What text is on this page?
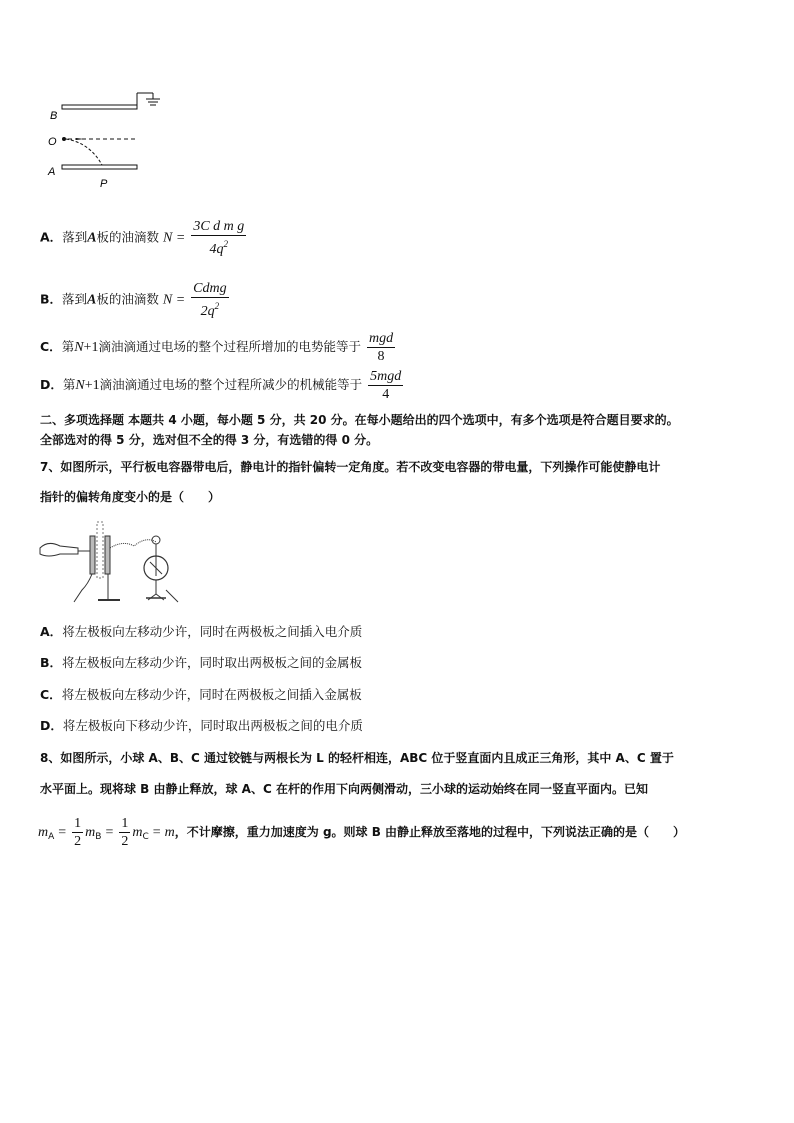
B
O
A
P
A．落到A板的油滴数 $N = \frac{\text{3C d m g}}{4q^2}$
B．落到A板的油滴数 $N = \frac{\text{Cdmg}}{2q^2}$
C．第N+1滴油滴通过电场的整个过程所增加的电势能等于 $\frac{\text{mgd}}{8}$
D．第N+1滴油滴通过电场的整个过程所减少的机械能等于 $\frac{\text{5mgd}}{4}$
二、多项选择题 本题共 4 小题，每小题 5 分，共 20 分。在每小题给出的四个选项中，有多个选项是符合题目要求的。
全部选对的得 5 分，选对但不全的得 3 分，有选错的得 0 分。
7、如图所示，平行板电容器带电后，静电计的指针偏转一定角度。若不改变电容器的带电量，下列操作可能使静电计
指针的偏转角度变小的是（　　）
A．将左极板向左移动少许，同时在两极板之间插入电介质
B．将左极板向左移动少许，同时取出两极板之间的金属板
C．将左极板向左移动少许，同时在两极板之间插入金属板
D．将左极板向下移动少许，同时取出两极板之间的电介质
8、如图所示，小球 A、B、C 通过铰链与两根长为 L 的轻杆相连，ABC 位于竖直面内且成正三角形，其中 A、C 置于
水平面上。现将球 B 由静止释放，球 A、C 在杆的作用下向两侧滑动，三小球的运动始终在同一竖直平面内。已知
$m_A = \frac{1}{2} m_B = \frac{1}{2} m_C = m$，不计摩擦，重力加速度为 g。则球 B 由静止释放至落地的过程中，下列说法正确的是（　　）
